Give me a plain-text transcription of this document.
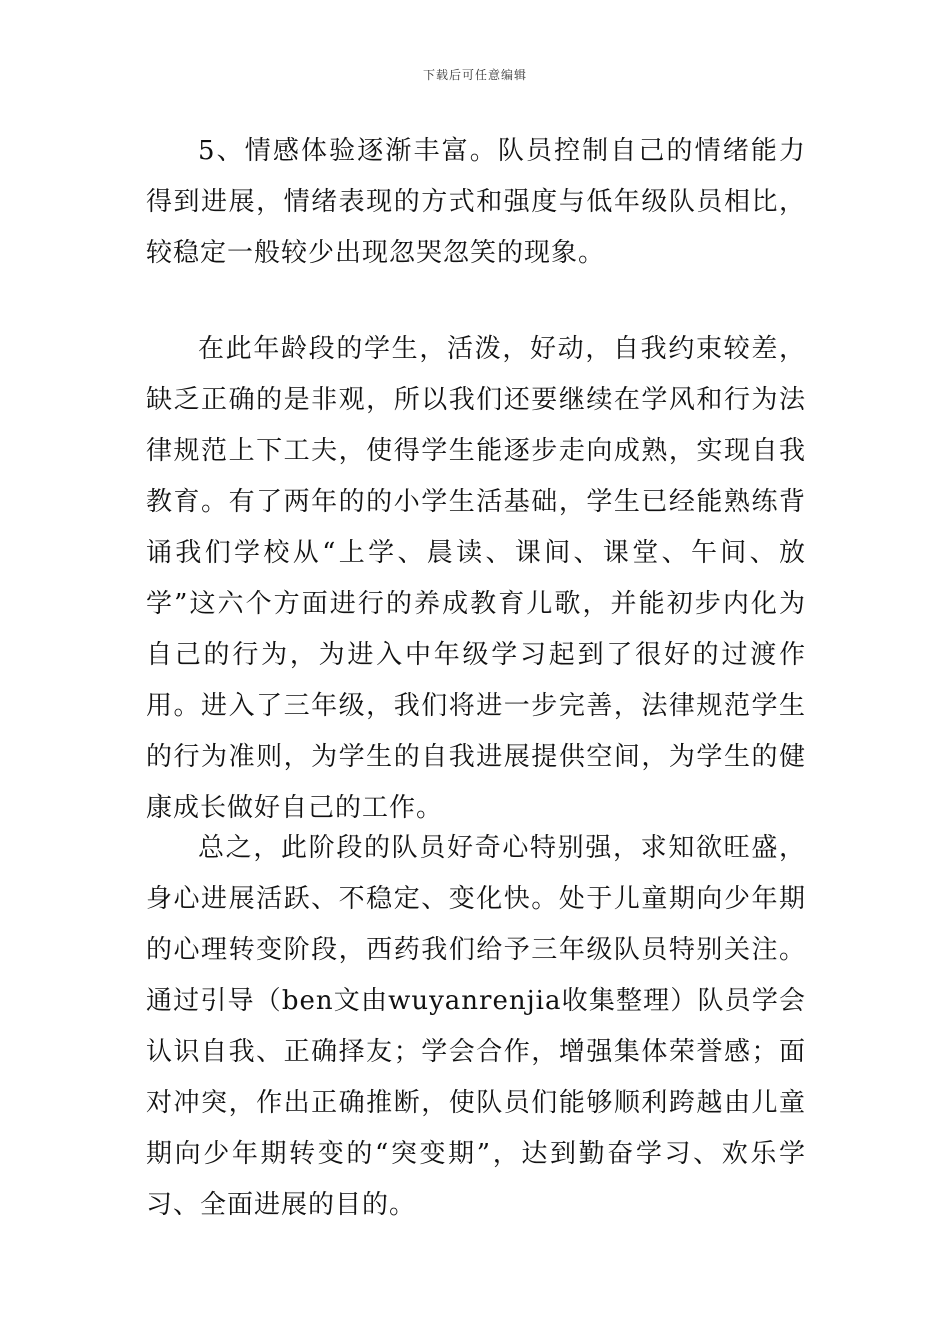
下载后可任意编辑

5、情感体验逐渐丰富。队员控制自己的情绪能力得到进展，情绪表现的方式和强度与低年级队员相比，较稳定一般较少出现忽哭忽笑的现象。

在此年龄段的学生，活泼，好动，自我约束较差，缺乏正确的是非观，所以我们还要继续在学风和行为法律规范上下工夫，使得学生能逐步走向成熟，实现自我教育。有了两年的的小学生活基础，学生已经能熟练背诵我们学校从“上学、晨读、课间、课堂、午间、放学”这六个方面进行的养成教育儿歌，并能初步内化为自己的行为，为进入中年级学习起到了很好的过渡作用。进入了三年级，我们将进一步完善，法律规范学生的行为准则，为学生的自我进展提供空间，为学生的健康成长做好自己的工作。

总之，此阶段的队员好奇心特别强，求知欲旺盛，身心进展活跃、不稳定、变化快。处于儿童期向少年期的心理转变阶段，西药我们给予三年级队员特别关注。通过引导（ben文由wuyanrenjia收集整理）队员学会认识自我、正确择友；学会合作，增强集体荣誉感；面对冲突，作出正确推断，使队员们能够顺利跨越由儿童期向少年期转变的“突变期”，达到勤奋学习、欢乐学习、全面进展的目的。
